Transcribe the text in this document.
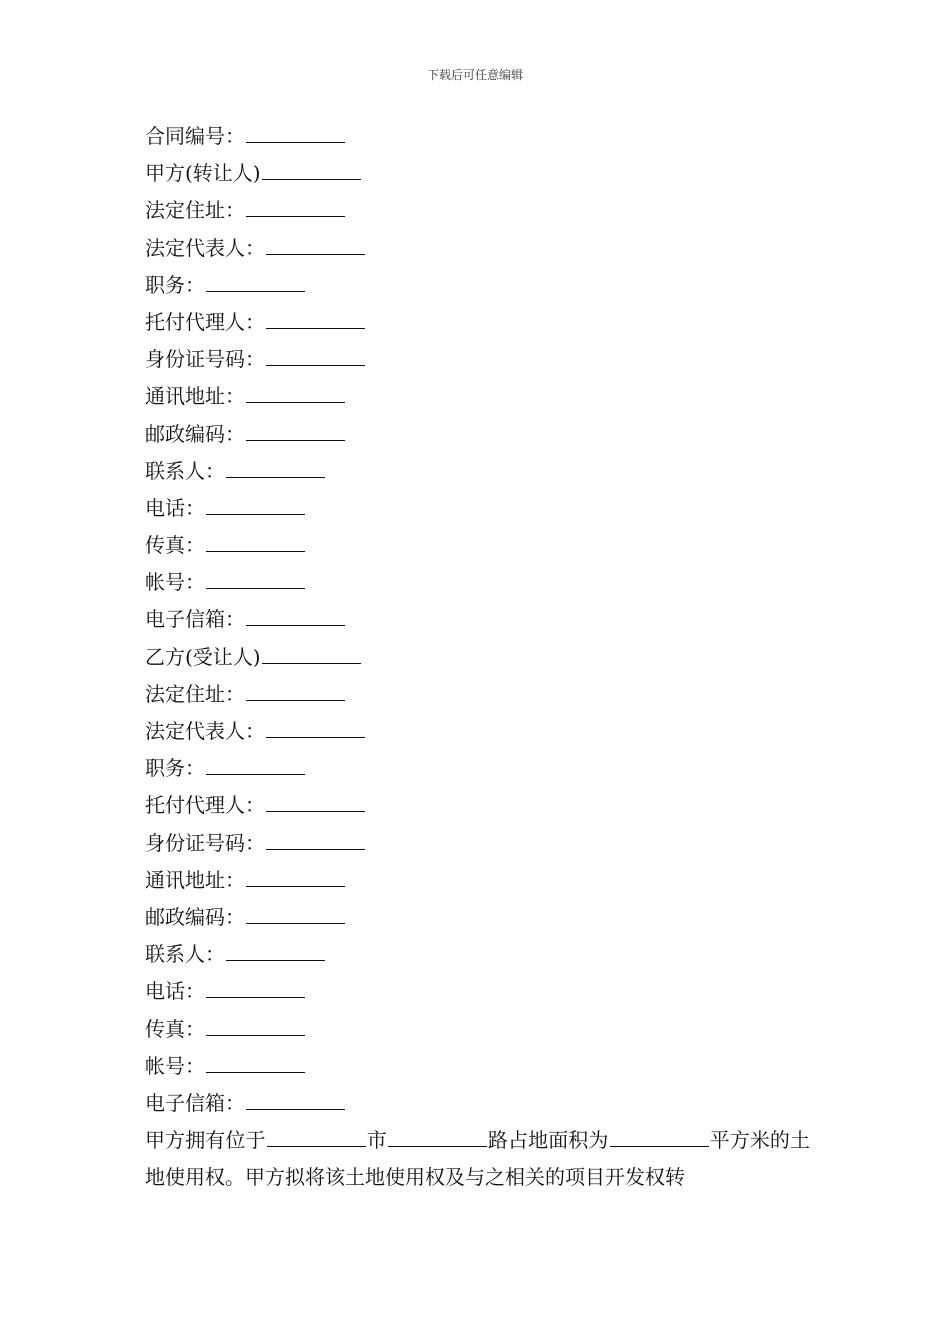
下载后可任意编辑
合同编号：
甲方(转让人)
法定住址：
法定代表人：
职务：
托付代理人：
身份证号码：
通讯地址：
邮政编码：
联系人：
电话：
传真：
帐号：
电子信箱：
乙方(受让人)
法定住址：
法定代表人：
职务：
托付代理人：
身份证号码：
通讯地址：
邮政编码：
联系人：
电话：
传真：
帐号：
电子信箱：
甲方拥有位于	市	路占地面积为	平方米的土地使用权。甲方拟将该土地使用权及与之相关的项目开发权转
